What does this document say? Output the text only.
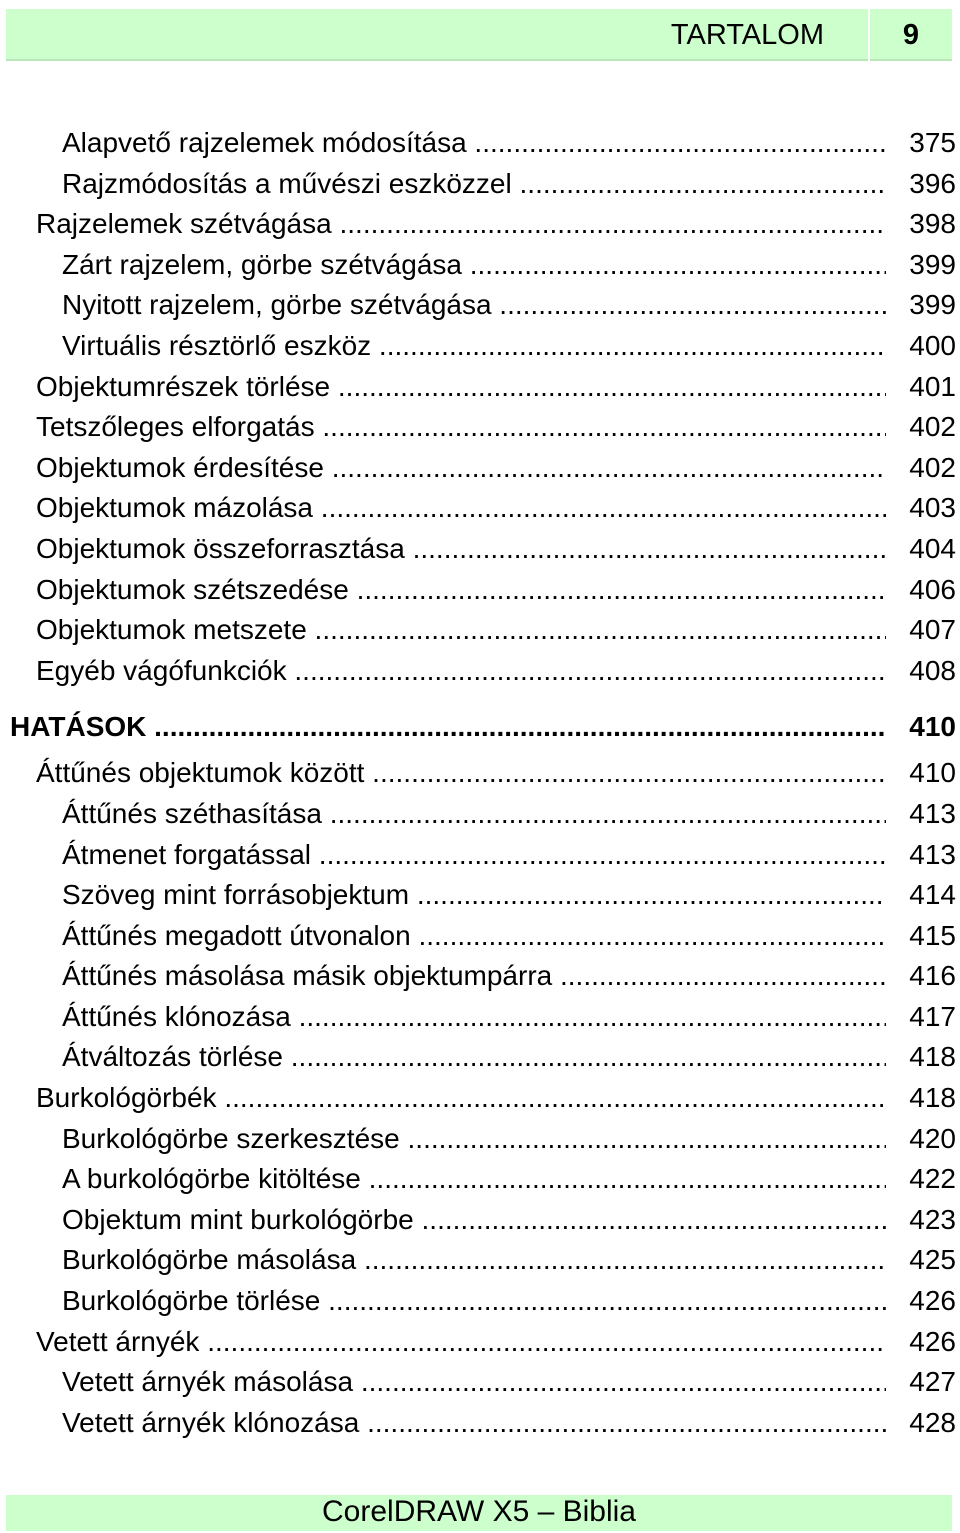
TARTALOM	9
Alapvető rajzelemek módosítása .....	375
Rajzmódosítás a művészi eszközzel .....	396
Rajzelemek szétvágása .....	398
Zárt rajzelem, görbe szétvágása .....	399
Nyitott rajzelem, görbe szétvágása .....	399
Virtuális résztörlő eszköz .....	400
Objektumrészek törlése .....	401
Tetszőleges elforgatás .....	402
Objektumok érdesítése .....	402
Objektumok mázolása .....	403
Objektumok összeforrasztása .....	404
Objektumok szétszedése .....	406
Objektumok metszete .....	407
Egyéb vágófunkciók .....	408
HATÁSOK .....	410
Áttűnés objektumok között .....	410
Áttűnés széthasítása .....	413
Átmenet forgatással .....	413
Szöveg mint forrásobjektum .....	414
Áttűnés megadott útvonalon .....	415
Áttűnés másolása másik objektumpárra .....	416
Áttűnés klónozása .....	417
Átváltozás törlése .....	418
Burkológörbék .....	418
Burkológörbe szerkesztése .....	420
A burkológörbe kitöltése .....	422
Objektum mint burkológörbe .....	423
Burkológörbe másolása .....	425
Burkológörbe törlése .....	426
Vetett árnyék .....	426
Vetett árnyék másolása .....	427
Vetett árnyék klónozása .....	428
CorelDRAW X5 – Biblia
